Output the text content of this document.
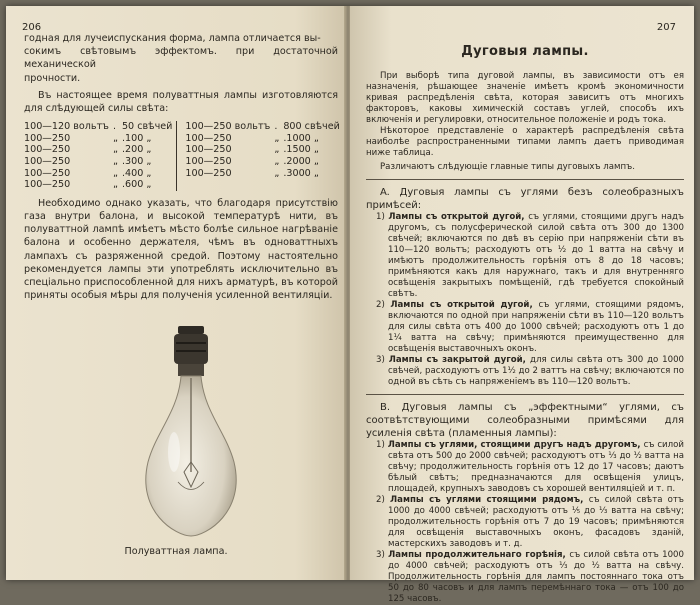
206

годная для лучеиспускания форма, лампа отличается вы-

сокимъ свѣтовымъ эффектомъ. при достаточной механической

прочности.

Въ настоящее время полуваттныя лампы изготовляются для слѣдующей силы свѣта:

100—120 вольтъ	.	50 свѣчей	100—250 вольтъ	.	800 свѣчей
100—250	„	.100 „	100—250	„	.1000 „
100—250	„	.200 „	100—250	„	.1500 „
100—250	„	.300 „	100—250	„	.2000 „
100—250	„	.400 „	100—250	„	.3000 „
100—250	„	.600 „			

Необходимо однако указать, что благодаря присутствію газа внутри балона, и высокой температурѣ нити, въ полуваттной лампѣ имѣетъ мѣсто болѣе сильное нагрѣваніе балона и особенно держателя, чѣмъ въ одноваттныхъ лампахъ съ разряженной средой. Поэтому настоятельно рекомендуется лампы эти употреблять исключительно въ спеціально приспособленной для нихъ арматурѣ, въ которой приняты особыя мѣры для полученія усиленной вентиляціи.

Полуваттная лампа.
207
Дуговыя лампы.

При выборѣ типа дуговой лампы, въ зависимости отъ ея назначенія, рѣшающее значеніе имѣетъ кромѣ экономичности кривая распредѣленія свѣта, которая зависитъ отъ многихъ факторовъ, каковы химическій составъ углей, способъ ихъ включенія и регулировки, относительное положеніе и родъ тока.

Нѣкоторое представленіе о характерѣ распредѣленія свѣта наиболѣе распространенными типами лампъ даетъ приводимая ниже таблица.

Различаютъ слѣдующіе главные типы дуговыхъ лампъ.

A. Дуговыя лампы съ углями безъ солеобразныхъ примѣсей:

1) Лампы съ открытой дугой, съ углями, стоящими другъ надъ другомъ, съ полусферической силой свѣта отъ 300 до 1300 свѣчей; включаются по двѣ въ серію при напряженіи сѣти въ 110—120 вольтъ; расходуютъ отъ ½ до 1 ватта на свѣчу и имѣютъ продолжительность горѣнія отъ 8 до 18 часовъ; примѣняются какъ для наружнаго, такъ и для внутренняго освѣщенія закрытыхъ помѣщеній, гдѣ требуется спокойный свѣтъ.

2) Лампы съ открытой дугой, съ углями, стоящими рядомъ, включаются по одной при напряженіи сѣти въ 110—120 вольтъ для силы свѣта отъ 400 до 1000 свѣчей; расходуютъ отъ 1 до 1¼ ватта на свѣчу; примѣняются преимущественно для освѣщенія выставочныхъ оконъ.

3) Лампы съ закрытой дугой, для силы свѣта отъ 300 до 1000 свѣчей, расходуютъ отъ 1½ до 2 ваттъ на свѣчу; включаются по одной въ сѣть съ напряженіемъ въ 110—120 вольтъ.

B. Дуговыя лампы съ „эффектными“ углями, съ соотвѣтствующими солеобразными примѣсями для усиленія свѣта (пламенныя лампы):

1) Лампы съ углями, стоящими другъ надъ другомъ, съ силой свѣта отъ 500 до 2000 свѣчей; расходуютъ отъ ⅓ до ½ ватта на свѣчу; продолжительность горѣнія отъ 12 до 17 часовъ; даютъ бѣлый свѣтъ; предназначаются для освѣщенія улицъ, площадей, крупныхъ заводовъ съ хорошей вентиляціей и т. п.

2) Лампы съ углями стоящими рядомъ, съ силой свѣта отъ 1000 до 4000 свѣчей; расходуютъ отъ ⅕ до ⅓ ватта на свѣчу; продолжительность горѣнія отъ 7 до 19 часовъ; примѣняются для освѣщенія выставочныхъ оконъ, фасадовъ зданій, мастерскихъ заводовъ и т. д.

3) Лампы продолжительнаго горѣнія, съ силой свѣта отъ 1000 до 4000 свѣчей; расходуютъ отъ ⅓ до ½ ватта на свѣчу. Продолжительность горѣнія для лампъ постояннаго тока отъ 50 до 80 часовъ и для лампъ перемѣннаго тока — отъ 100 до 125 часовъ.
